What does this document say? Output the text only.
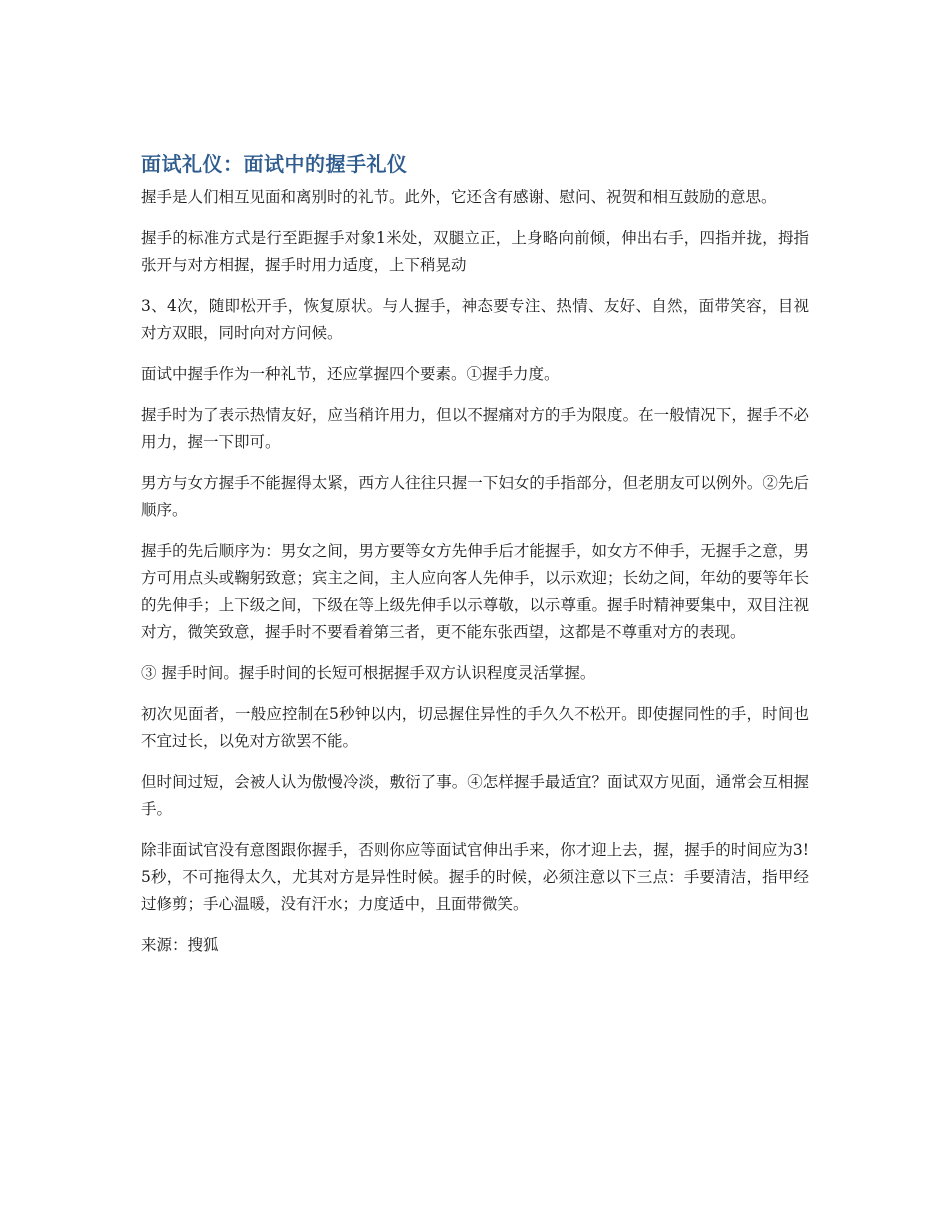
面试礼仪：面试中的握手礼仪

握手是人们相互见面和离别时的礼节。此外，它还含有感谢、慰问、祝贺和相互鼓励的意思。

握手的标准方式是行至距握手对象1米处，双腿立正，上身略向前倾，伸出右手，四指并拢，拇指张开与对方相握，握手时用力适度，上下稍晃动

3、4次，随即松开手，恢复原状。与人握手，神态要专注、热情、友好、自然，面带笑容，目视对方双眼，同时向对方问候。

面试中握手作为一种礼节，还应掌握四个要素。①握手力度。

握手时为了表示热情友好，应当稍许用力，但以不握痛对方的手为限度。在一般情况下，握手不必用力，握一下即可。

男方与女方握手不能握得太紧，西方人往往只握一下妇女的手指部分，但老朋友可以例外。②先后顺序。

握手的先后顺序为：男女之间，男方要等女方先伸手后才能握手，如女方不伸手，无握手之意，男方可用点头或鞠躬致意；宾主之间，主人应向客人先伸手，以示欢迎；长幼之间，年幼的要等年长的先伸手；上下级之间，下级在等上级先伸手以示尊敬，以示尊重。握手时精神要集中，双目注视对方，微笑致意，握手时不要看着第三者，更不能东张西望，这都是不尊重对方的表现。

③ 握手时间。握手时间的长短可根据握手双方认识程度灵活掌握。

初次见面者，一般应控制在5秒钟以内，切忌握住异性的手久久不松开。即使握同性的手，时间也不宜过长，以免对方欲罢不能。

但时间过短，会被人认为傲慢冷淡，敷衍了事。④怎样握手最适宜？面试双方见面，通常会互相握手。

除非面试官没有意图跟你握手，否则你应等面试官伸出手来，你才迎上去，握，握手的时间应为3! 5秒，不可拖得太久，尤其对方是异性时候。握手的时候，必须注意以下三点：手要清洁，指甲经过修剪；手心温暖，没有汗水；力度适中，且面带微笑。

来源：搜狐
